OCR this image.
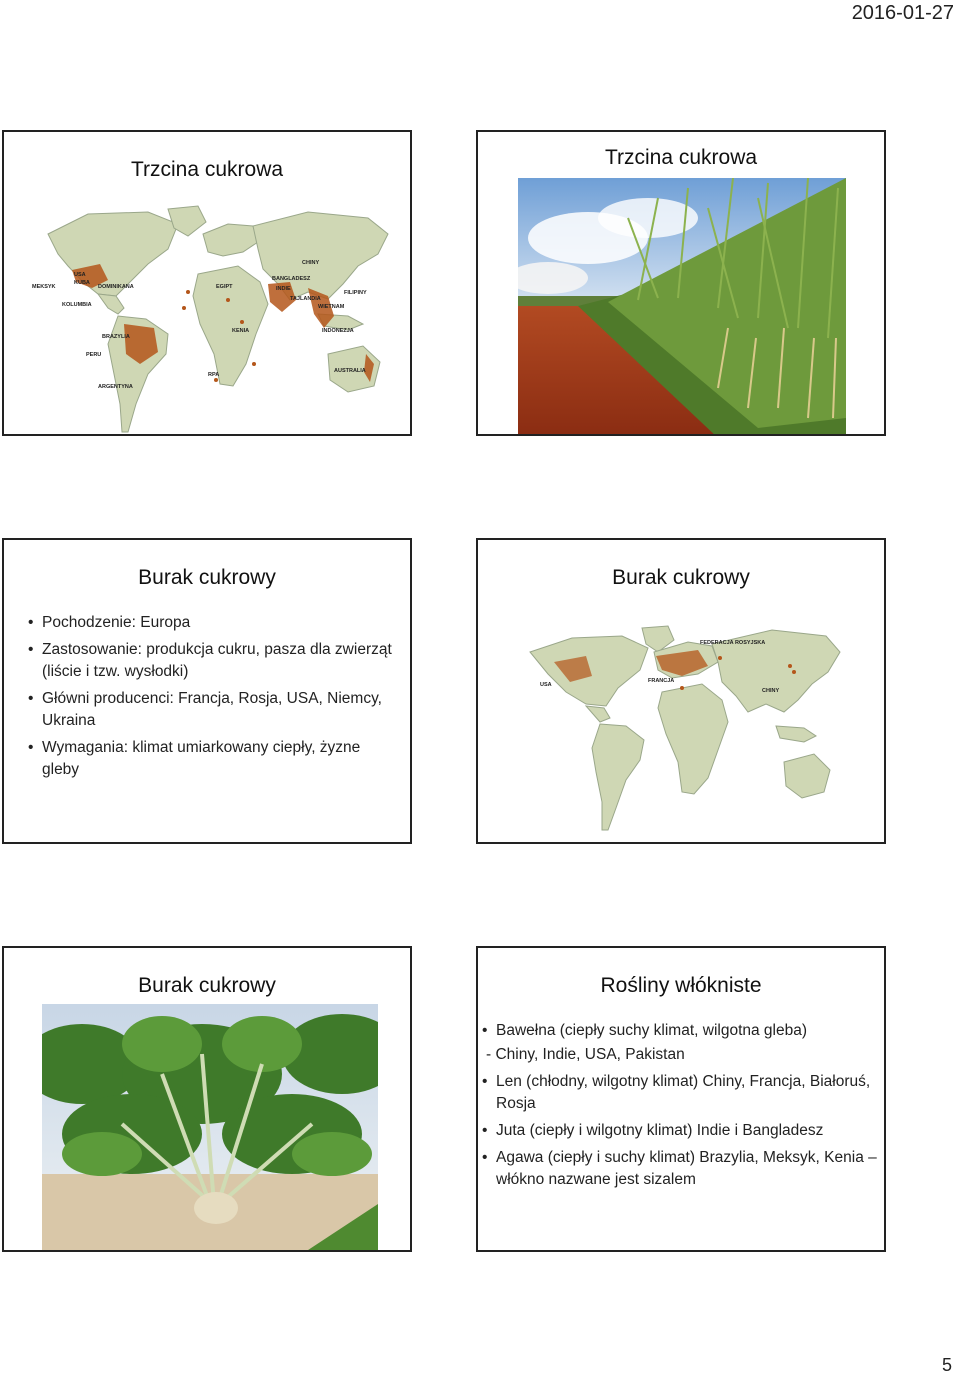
2016-01-27
Trzcina cukrowa
USA
KUBA
DOMINIKANA
MEKSYK
KOLUMBIA
BRAZYLIA
PERU
ARGENTYNA
EGIPT
KENIA
RPA
CHINY
BANGLADESZ
INDIE
TAJLANDIA
WIETNAM
FILIPINY
INDONEZJA
AUSTRALIA
Trzcina cukrowa
Burak cukrowy
• Pochodzenie: Europa
• Zastosowanie: produkcja cukru, pasza dla zwierząt (liście i tzw. wysłodki)
• Główni producenci: Francja, Rosja, USA, Niemcy, Ukraina
• Wymagania: klimat umiarkowany ciepły, żyzne gleby
Burak cukrowy
USA
FEDERACJA ROSYJSKA
FRANCJA
CHINY
Burak cukrowy	Rośliny włókniste
• Bawełna (ciepły suchy klimat, wilgotna gleba)
- Chiny, Indie, USA, Pakistan
• Len (chłodny, wilgotny klimat) Chiny, Francja, Białoruś, Rosja
• Juta (ciepły i wilgotny klimat) Indie i Bangladesz
• Agawa (ciepły i suchy klimat) Brazylia, Meksyk, Kenia – włókno nazwane jest sizalem
5
